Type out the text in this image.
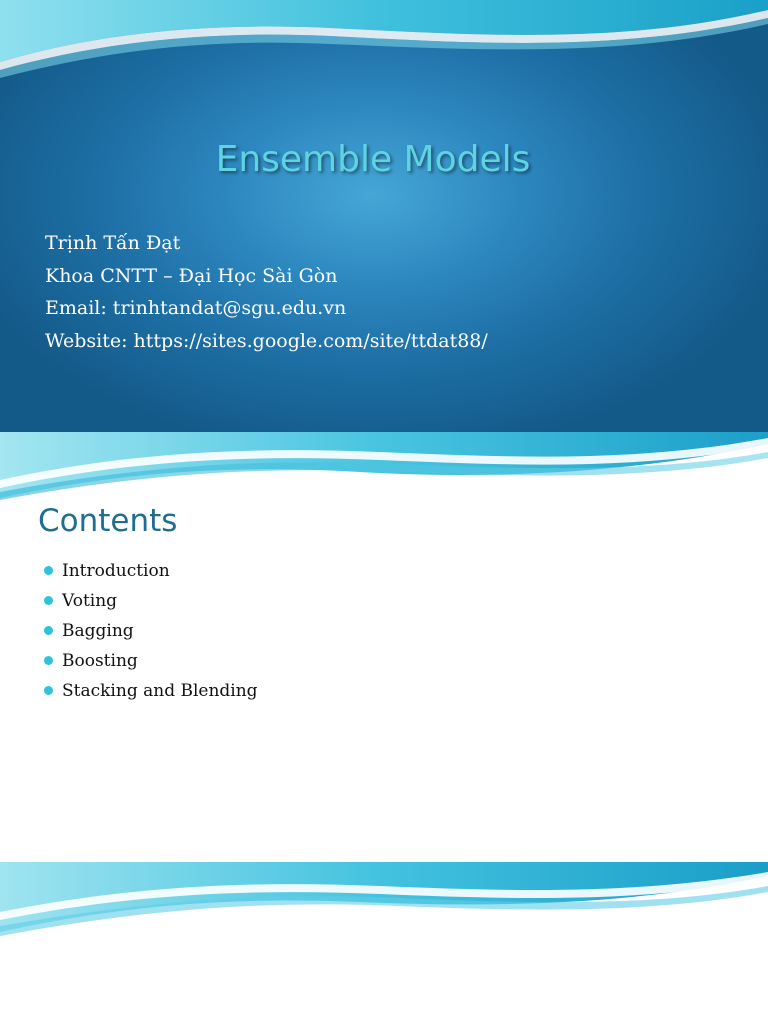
Ensemble Models
Trịnh Tấn Đạt
Khoa CNTT – Đại Học Sài Gòn
Email: trinhtandat@sgu.edu.vn
Website: https://sites.google.com/site/ttdat88/
Contents
Introduction
Voting
Bagging
Boosting
Stacking and Blending
